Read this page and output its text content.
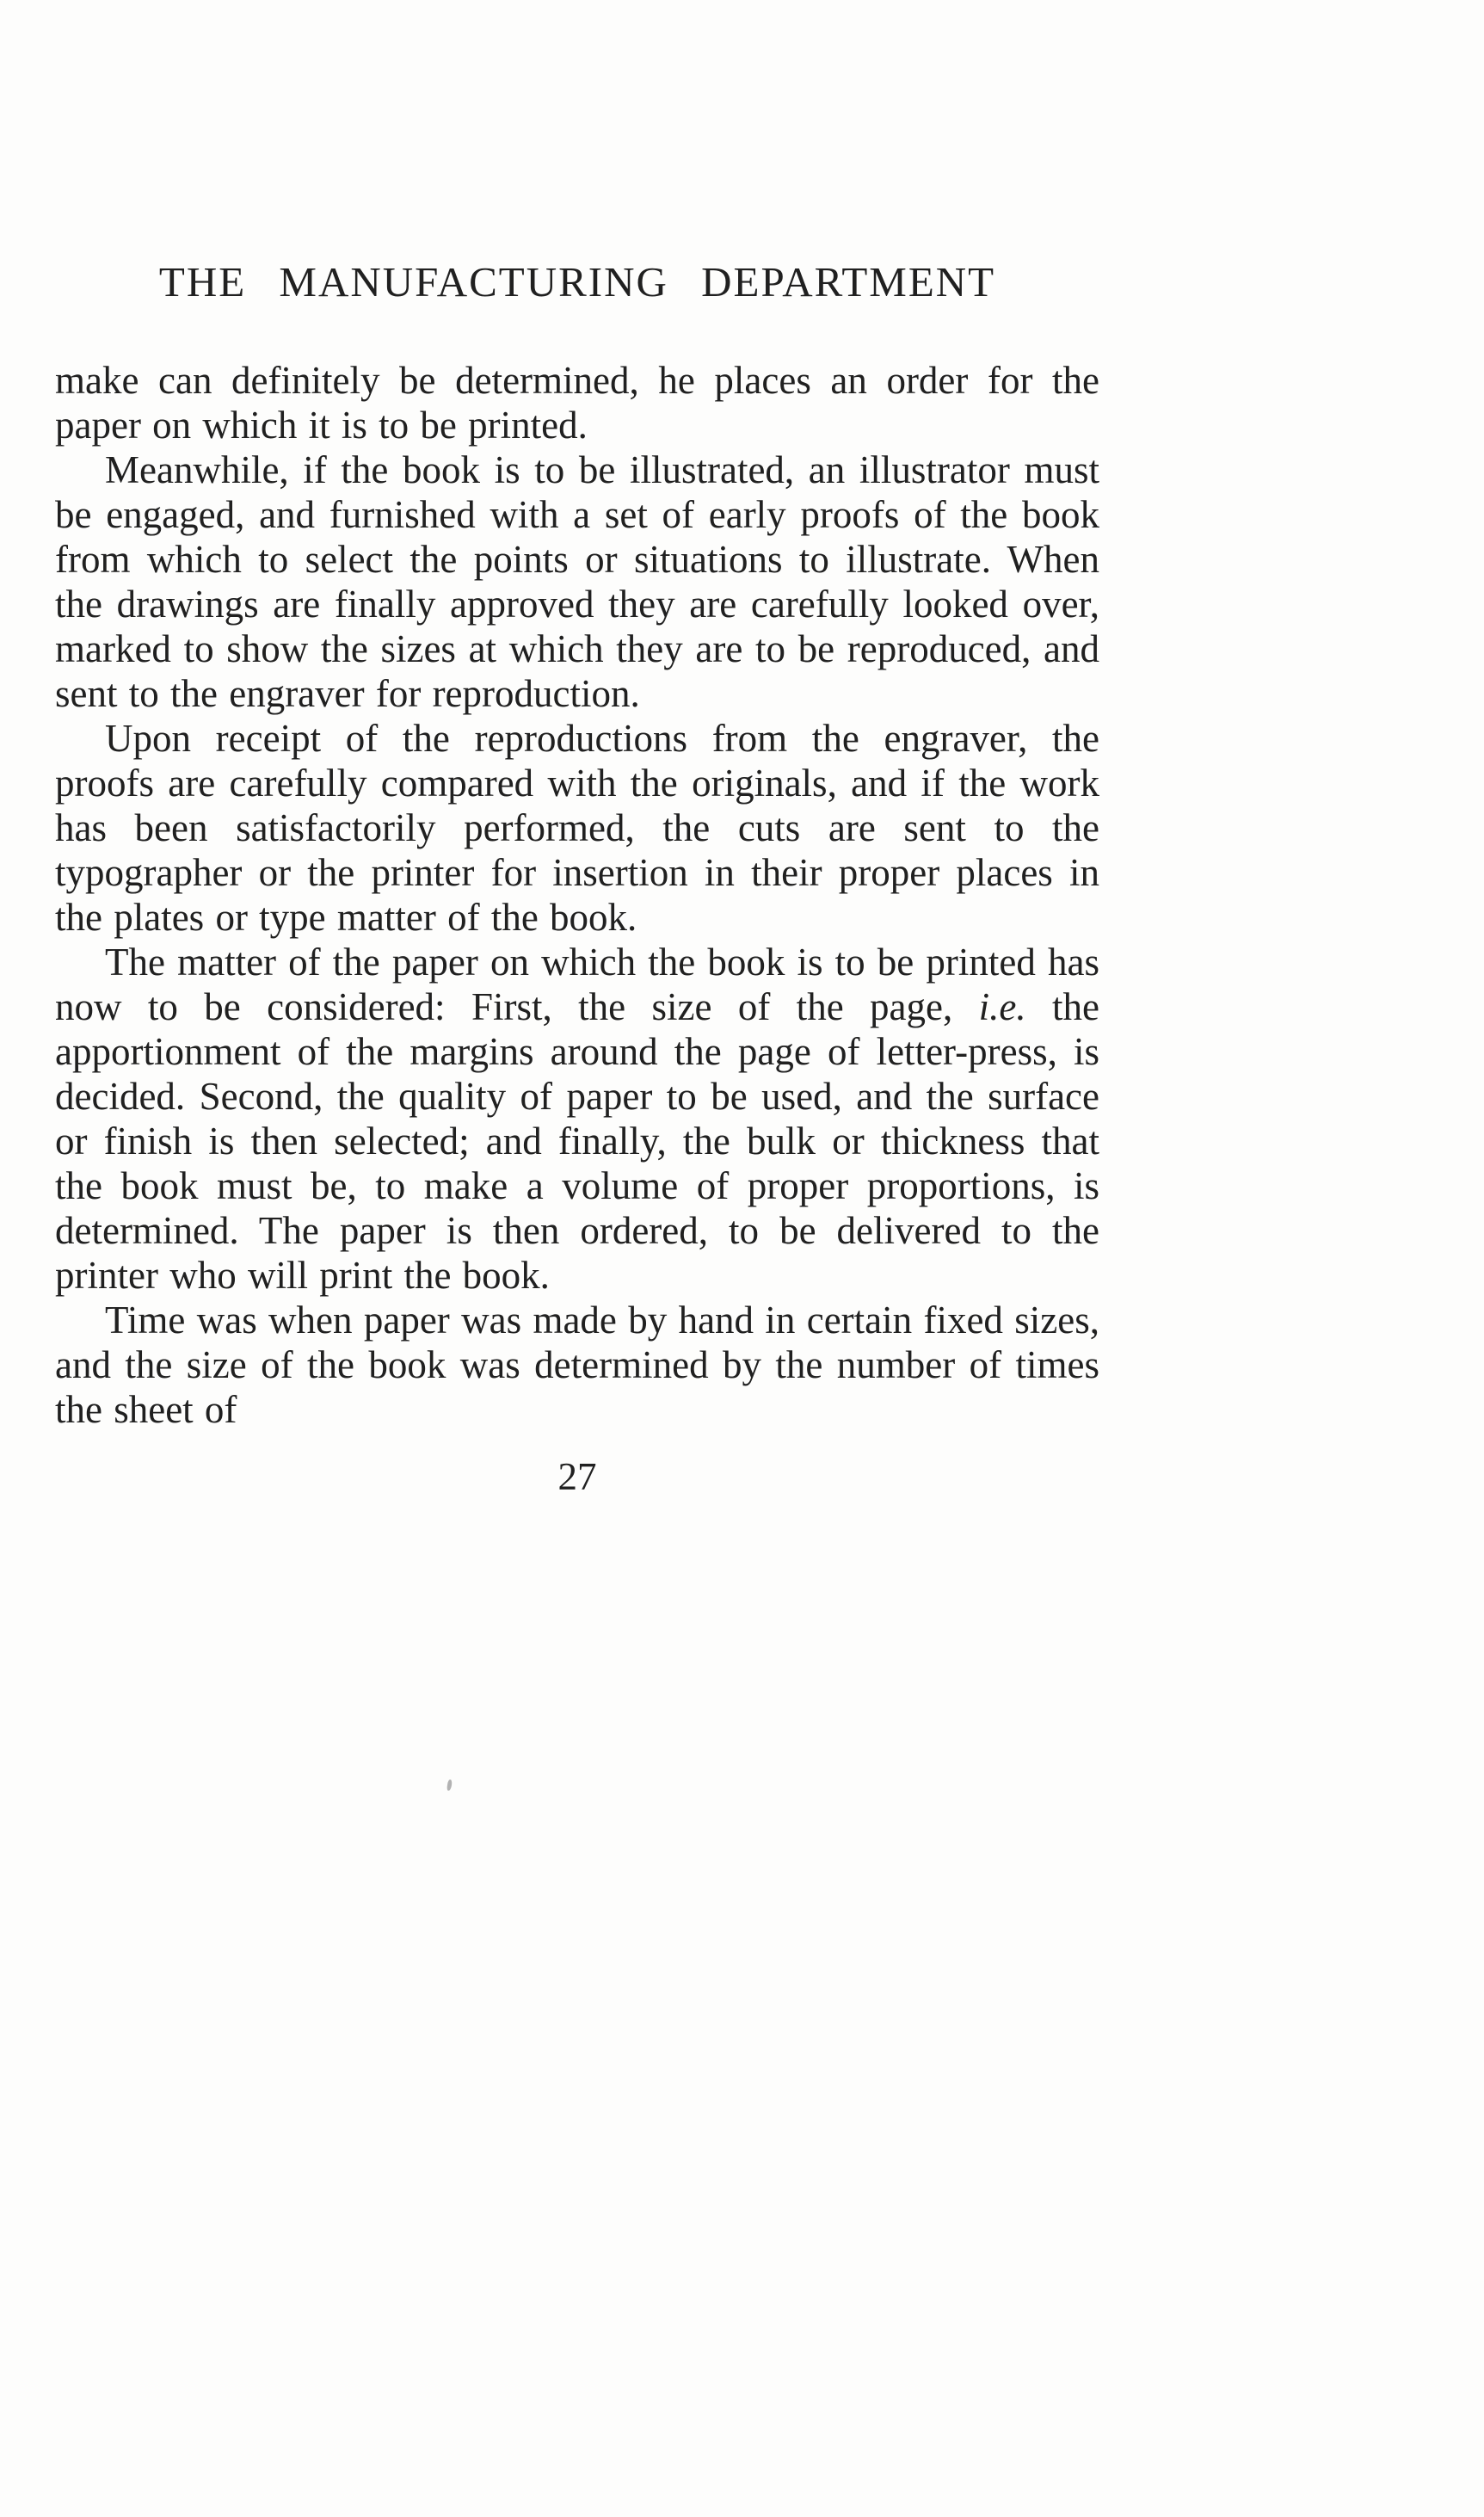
THE MANUFACTURING DEPARTMENT

make can definitely be determined, he places an order for the paper on which it is to be printed.

Meanwhile, if the book is to be illustrated, an illustrator must be engaged, and furnished with a set of early proofs of the book from which to select the points or situations to illustrate. When the drawings are finally approved they are carefully looked over, marked to show the sizes at which they are to be reproduced, and sent to the engraver for reproduction.

Upon receipt of the reproductions from the engraver, the proofs are carefully compared with the originals, and if the work has been satisfactorily performed, the cuts are sent to the typographer or the printer for insertion in their proper places in the plates or type matter of the book.

The matter of the paper on which the book is to be printed has now to be considered: First, the size of the page, i.e. the apportionment of the margins around the page of letter-press, is decided. Second, the quality of paper to be used, and the surface or finish is then selected; and finally, the bulk or thickness that the book must be, to make a volume of proper proportions, is determined. The paper is then ordered, to be delivered to the printer who will print the book.

Time was when paper was made by hand in certain fixed sizes, and the size of the book was determined by the number of times the sheet of

27
